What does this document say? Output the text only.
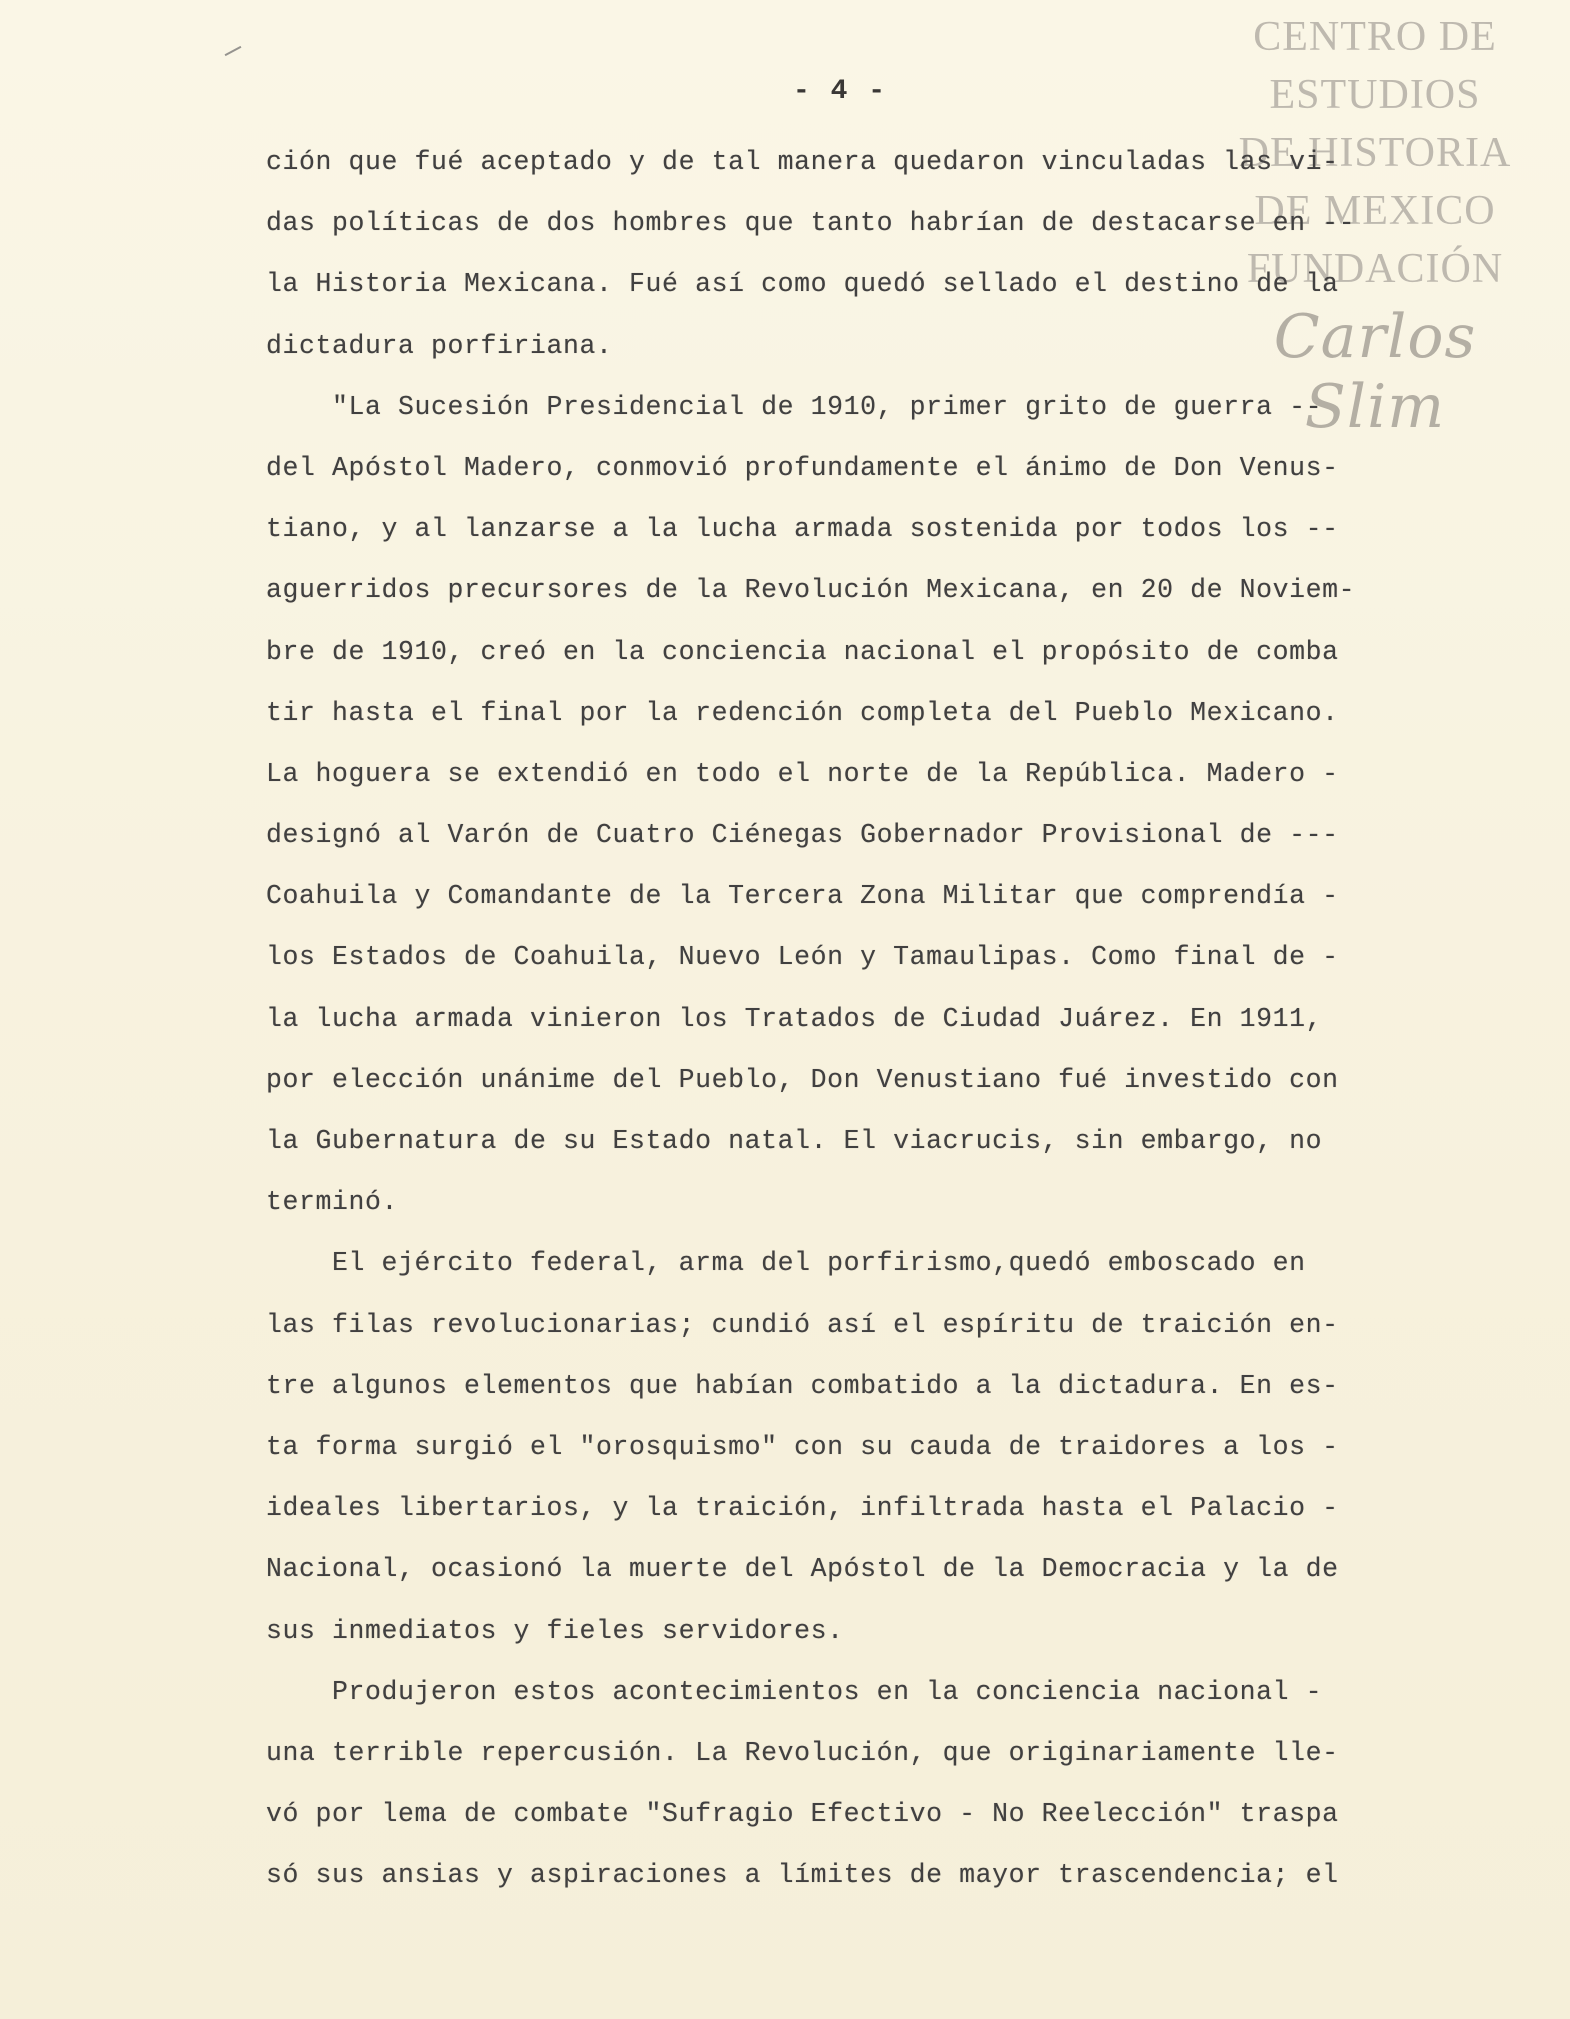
CENTRO DE
ESTUDIOS
DE HISTORIA
DE MEXICO
FUNDACIÓN
Carlos Slim
- 4 -
ción que fué aceptado y de tal manera quedaron vinculadas las vi-
das políticas de dos hombres que tanto habrían de destacarse en --
la Historia Mexicana. Fué así como quedó sellado el destino de la
dictadura porfiriana.
"La Sucesión Presidencial de 1910, primer grito de guerra --
del Apóstol Madero, conmovió profundamente el ánimo de Don Venus-
tiano, y al lanzarse a la lucha armada sostenida por todos los --
aguerridos precursores de la Revolución Mexicana, en 20 de Noviem-
bre de 1910, creó en la conciencia nacional el propósito de comba
tir hasta el final por la redención completa del Pueblo Mexicano.
La hoguera se extendió en todo el norte de la República. Madero -
designó al Varón de Cuatro Ciénegas Gobernador Provisional de ---
Coahuila y Comandante de la Tercera Zona Militar que comprendía -
los Estados de Coahuila, Nuevo León y Tamaulipas. Como final de -
la lucha armada vinieron los Tratados de Ciudad Juárez. En 1911,
por elección unánime del Pueblo, Don Venustiano fué investido con
la Gubernatura de su Estado natal. El viacrucis, sin embargo, no
terminó.
El ejército federal, arma del porfirismo,quedó emboscado en
las filas revolucionarias; cundió así el espíritu de traición en-
tre algunos elementos que habían combatido a la dictadura. En es-
ta forma surgió el "orosquismo" con su cauda de traidores a los -
ideales libertarios, y la traición, infiltrada hasta el Palacio -
Nacional, ocasionó la muerte del Apóstol de la Democracia y la de
sus inmediatos y fieles servidores.
Produjeron estos acontecimientos en la conciencia nacional -
una terrible repercusión. La Revolución, que originariamente lle-
vó por lema de combate "Sufragio Efectivo - No Reelección" traspa
só sus ansias y aspiraciones a límites de mayor trascendencia; el
